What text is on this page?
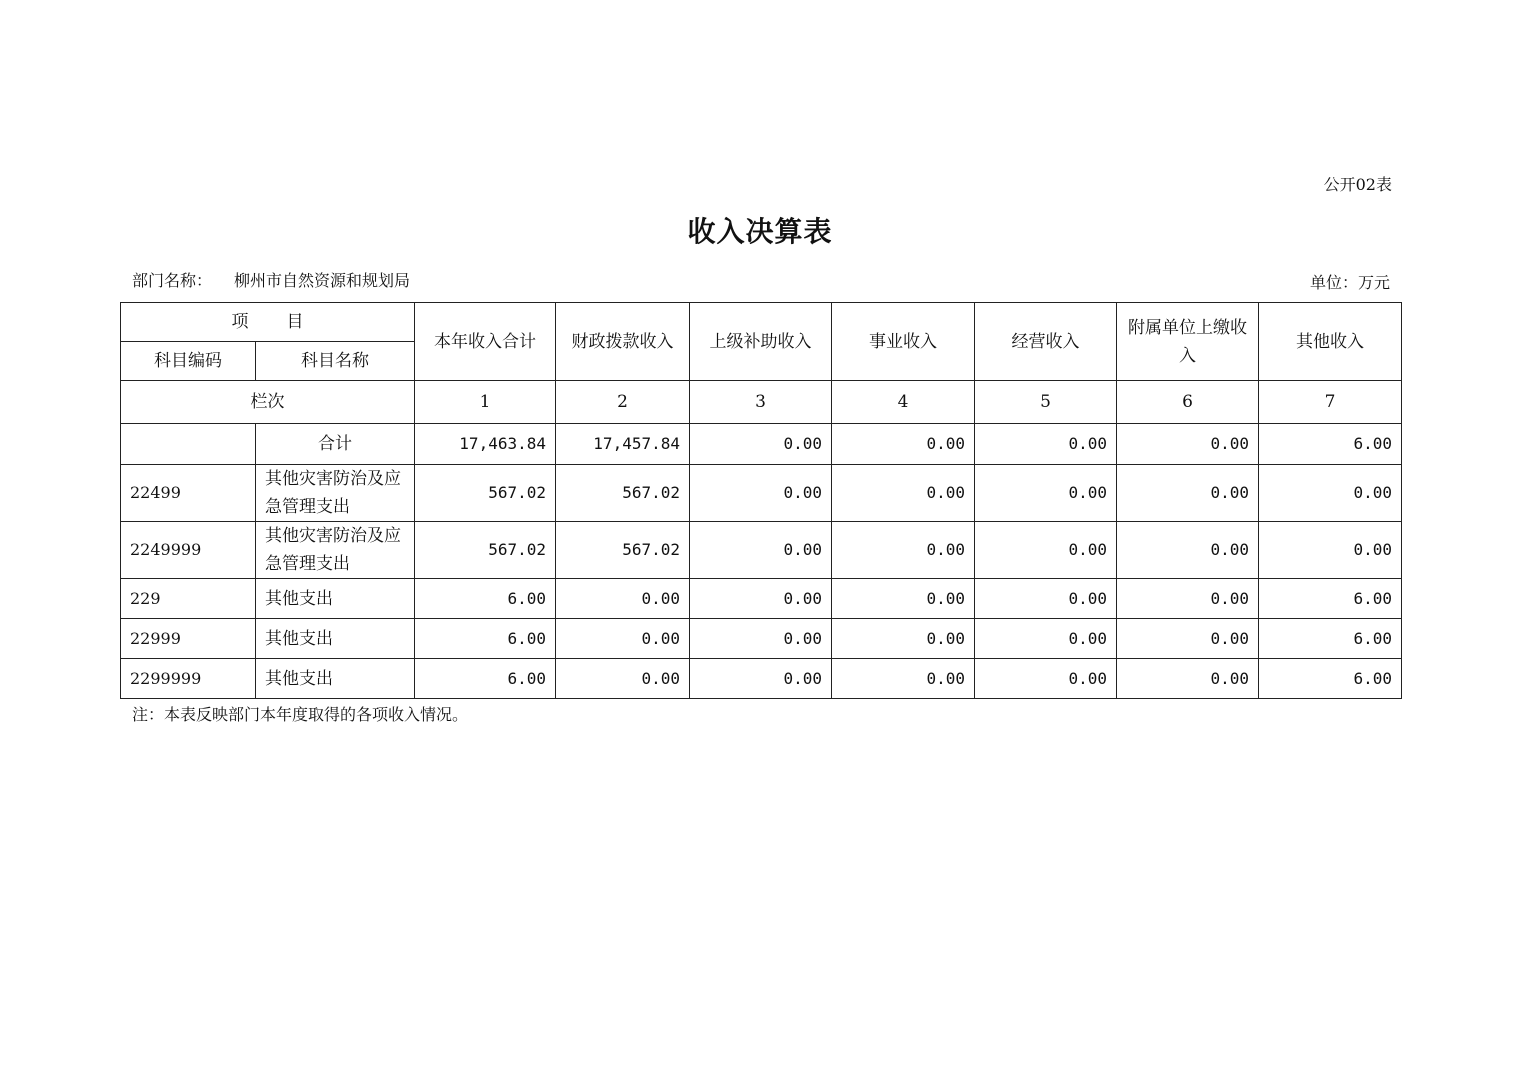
公开02表
收入决算表
部门名称： 柳州市自然资源和规划局	单位：万元
项 目		本年收入合计	财政拨款收入	上级补助收入	事业收入	经营收入	附属单位上缴收入	其他收入
科目编码	科目名称							
栏次		1	2	3	4	5	6	7
	合计	17,463.84	17,457.84	0.00	0.00	0.00	0.00	6.00
22499	其他灾害防治及应急管理支出	567.02	567.02	0.00	0.00	0.00	0.00	0.00
2249999	其他灾害防治及应急管理支出	567.02	567.02	0.00	0.00	0.00	0.00	0.00
229	其他支出	6.00	0.00	0.00	0.00	0.00	0.00	6.00
22999	其他支出	6.00	0.00	0.00	0.00	0.00	0.00	6.00
2299999	其他支出	6.00	0.00	0.00	0.00	0.00	0.00	6.00
注：本表反映部门本年度取得的各项收入情况。
